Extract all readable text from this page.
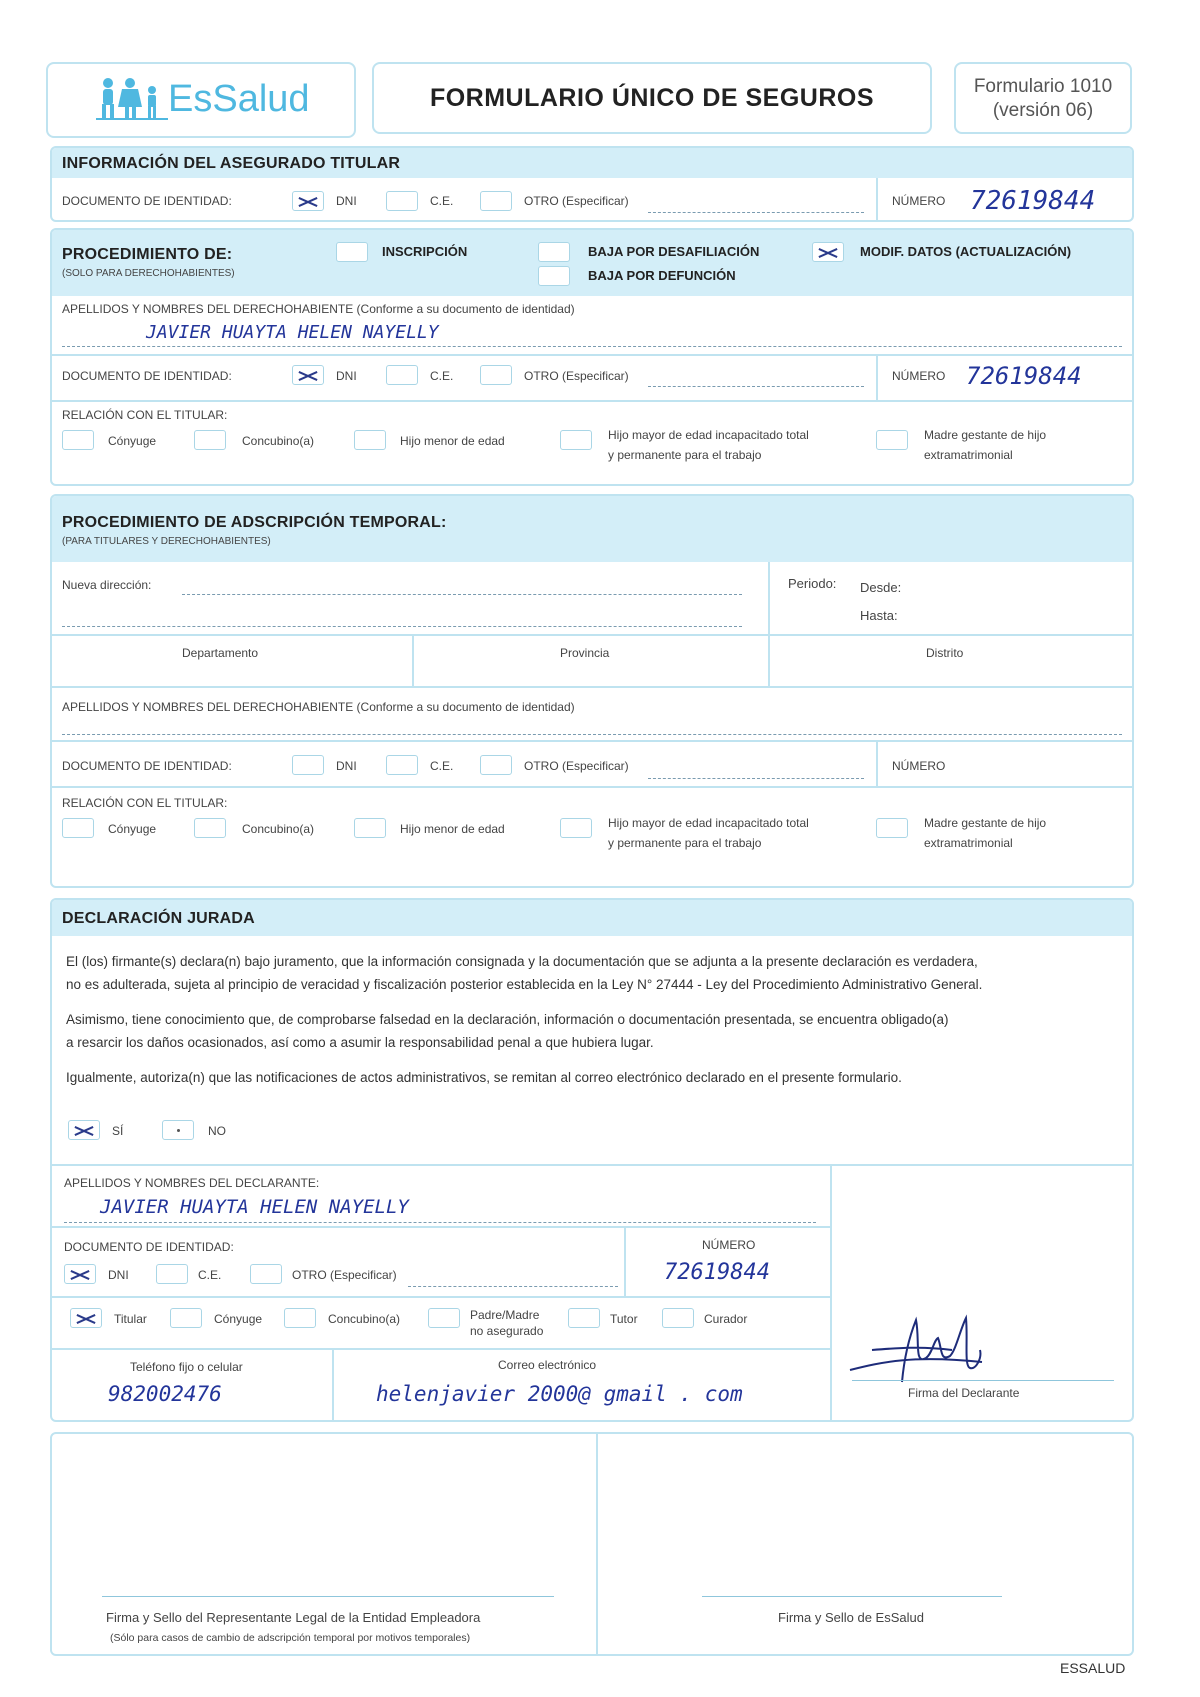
EsSalud	FORMULARIO ÚNICO DE SEGUROS	Formulario 1010
(versión 06)
INFORMACIÓN DEL ASEGURADO TITULAR
DOCUMENTO DE IDENTIDAD:	DNI	C.E.	OTRO (Especificar)	NÚMERO 72619844
PROCEDIMIENTO DE:
(SOLO PARA DERECHOHABIENTES)
INSCRIPCIÓN	BAJA POR DESAFILIACIÓN
BAJA POR DEFUNCIÓN
MODIF. DATOS (ACTUALIZACIÓN)
APELLIDOS Y NOMBRES DEL DERECHOHABIENTE (Conforme a su documento de identidad)
JAVIER HUAYTA HELEN NAYELLY
DOCUMENTO DE IDENTIDAD:	DNI	C.E.	OTRO (Especificar)	NÚMERO 72619844
RELACIÓN CON EL TITULAR:
Cónyuge	Concubino(a)	Hijo menor de edad	Hijo mayor de edad incapacitado total
y permanente para el trabajo
Madre gestante de hijo
extramatrimonial
PROCEDIMIENTO DE ADSCRIPCIÓN TEMPORAL:
(PARA TITULARES Y DERECHOHABIENTES)
Nueva dirección:	Periodo: Desde:
Hasta:
Departamento	Provincia	Distrito
APELLIDOS Y NOMBRES DEL DERECHOHABIENTE (Conforme a su documento de identidad)
DOCUMENTO DE IDENTIDAD:	DNI	C.E.	OTRO (Especificar)	NÚMERO
RELACIÓN CON EL TITULAR:
Cónyuge	Concubino(a)	Hijo menor de edad	Hijo mayor de edad incapacitado total
y permanente para el trabajo
Madre gestante de hijo
extramatrimonial
DECLARACIÓN JURADA
El (los) firmante(s) declara(n) bajo juramento, que la información consignada y la documentación que se adjunta a la presente declaración es verdadera,
no es adulterada, sujeta al principio de veracidad y fiscalización posterior establecida en la Ley N° 27444 - Ley del Procedimiento Administrativo General.
Asimismo, tiene conocimiento que, de comprobarse falsedad en la declaración, información o documentación presentada, se encuentra obligado(a)
a resarcir los daños ocasionados, así como a asumir la responsabilidad penal a que hubiera lugar.
Igualmente, autoriza(n) que las notificaciones de actos administrativos, se remitan al correo electrónico declarado en el presente formulario.
SÍ	NO
APELLIDOS Y NOMBRES DEL DECLARANTE:
JAVIER HUAYTA HELEN NAYELLY
DOCUMENTO DE IDENTIDAD:	NÚMERO
72619844
DNI	C.E.	OTRO (Especificar)
Titular	Cónyuge	Concubino(a)	Padre/Madre
no asegurado
Tutor	Curador
Teléfono fijo o celular
982002476
Correo electrónico
helenjavier 2000@ gmail . com	Firma del Declarante
Firma y Sello del Representante Legal de la Entidad Empleadora
(Sólo para casos de cambio de adscripción temporal por motivos temporales)
Firma y Sello de EsSalud
ESSALUD
